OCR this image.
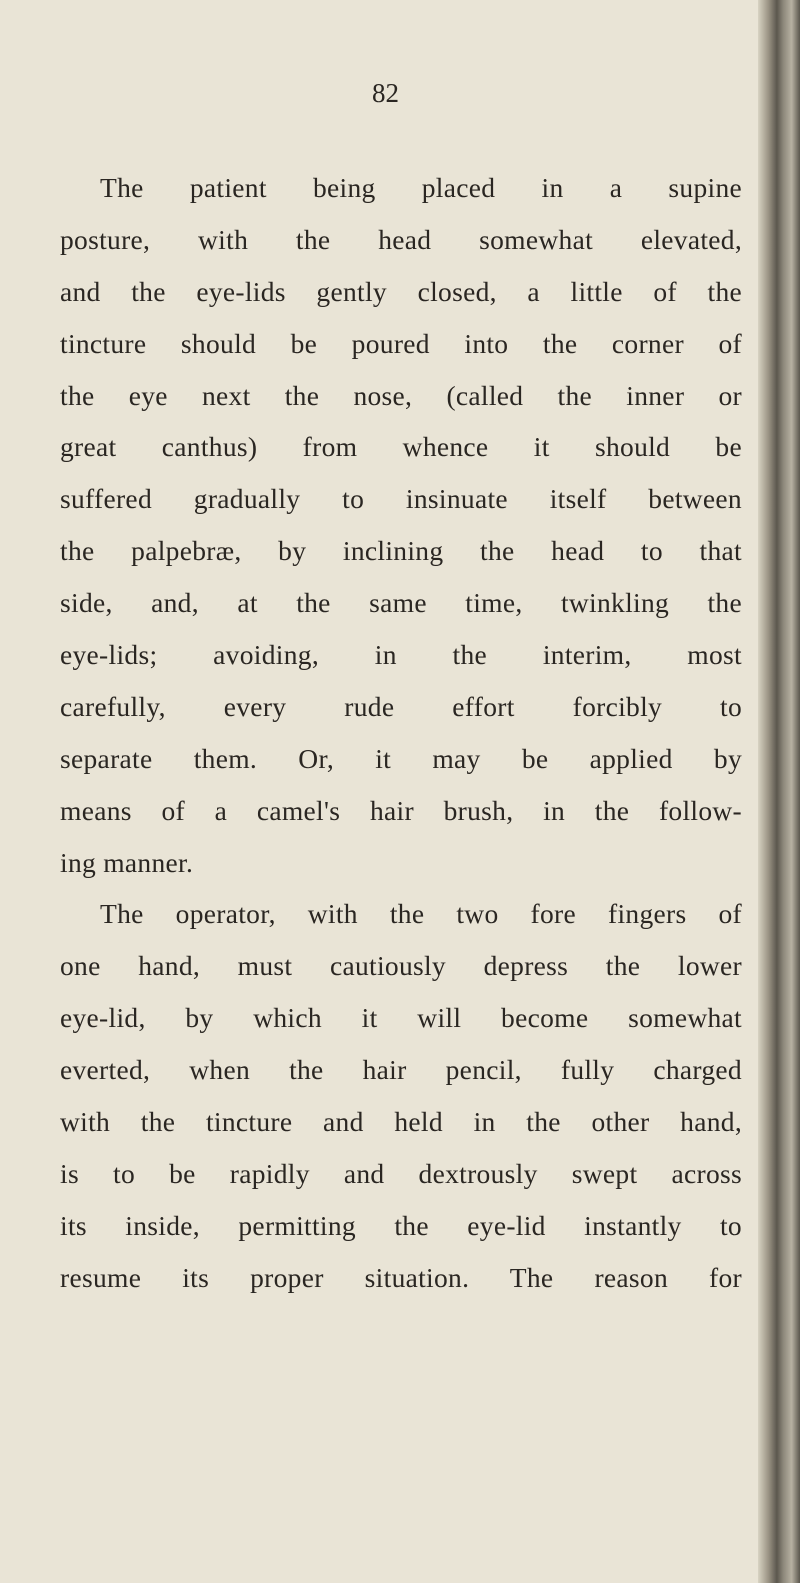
82
The patient being placed in a supine
posture, with the head somewhat elevated,
and the eye-lids gently closed, a little of the
tincture should be poured into the corner of
the eye next the nose, (called the inner or
great canthus) from whence it should be
suffered gradually to insinuate itself between
the palpebræ, by inclining the head to that
side, and, at the same time, twinkling the
eye-lids; avoiding, in the interim, most
carefully, every rude effort forcibly to
separate them. Or, it may be applied by
means of a camel's hair brush, in the follow-
ing manner.
The operator, with the two fore fingers of
one hand, must cautiously depress the lower
eye-lid, by which it will become somewhat
everted, when the hair pencil, fully charged
with the tincture and held in the other hand,
is to be rapidly and dextrously swept across
its inside, permitting the eye-lid instantly to
resume its proper situation. The reason for
